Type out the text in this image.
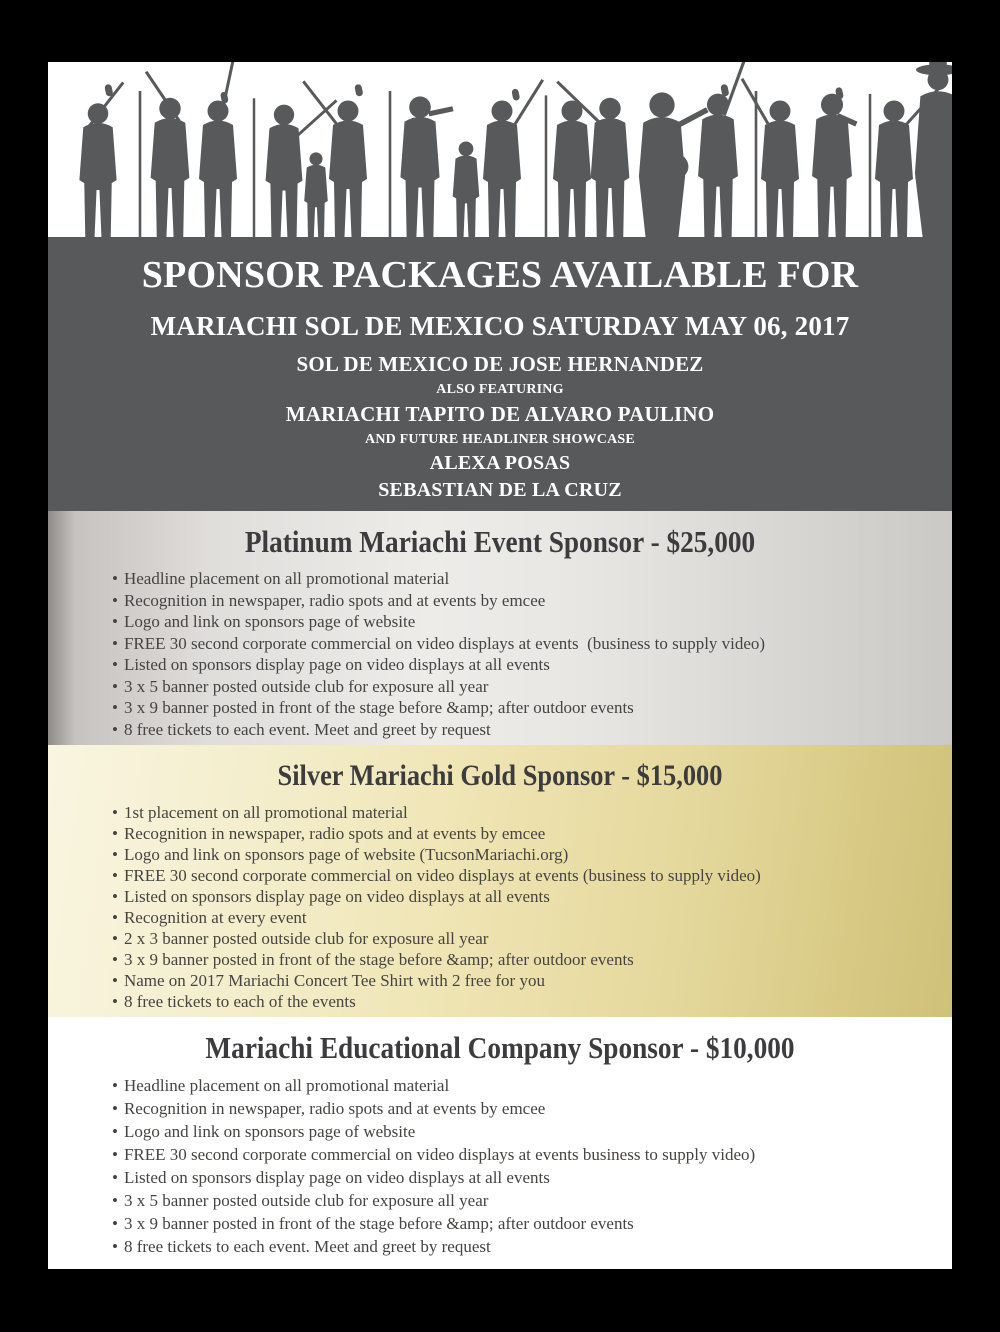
SPONSOR PACKAGES AVAILABLE FOR
MARIACHI SOL DE MEXICO SATURDAY MAY 06, 2017
SOL DE MEXICO DE JOSE HERNANDEZ
ALSO FEATURING
MARIACHI TAPITO DE ALVARO PAULINO
AND FUTURE HEADLINER SHOWCASE
ALEXA POSAS
SEBASTIAN DE LA CRUZ
Platinum Mariachi Event Sponsor - $25,000
• Headline placement on all promotional material
• Recognition in newspaper, radio spots and at events by emcee
• Logo and link on sponsors page of website
• FREE 30 second corporate commercial on video displays at events  (business to supply video)
• Listed on sponsors display page on video displays at all events
• 3 x 5 banner posted outside club for exposure all year
• 3 x 9 banner posted in front of the stage before &amp; after outdoor events
• 8 free tickets to each event. Meet and greet by request
Silver Mariachi Gold Sponsor - $15,000
• 1st placement on all promotional material
• Recognition in newspaper, radio spots and at events by emcee
• Logo and link on sponsors page of website (TucsonMariachi.org)
• FREE 30 second corporate commercial on video displays at events (business to supply video)
• Listed on sponsors display page on video displays at all events
• Recognition at every event
• 2 x 3 banner posted outside club for exposure all year
• 3 x 9 banner posted in front of the stage before &amp; after outdoor events
• Name on 2017 Mariachi Concert Tee Shirt with 2 free for you
• 8 free tickets to each of the events
Mariachi Educational Company Sponsor - $10,000
• Headline placement on all promotional material
• Recognition in newspaper, radio spots and at events by emcee
• Logo and link on sponsors page of website
• FREE 30 second corporate commercial on video displays at events business to supply video)
• Listed on sponsors display page on video displays at all events
• 3 x 5 banner posted outside club for exposure all year
• 3 x 9 banner posted in front of the stage before &amp; after outdoor events
• 8 free tickets to each event. Meet and greet by request
